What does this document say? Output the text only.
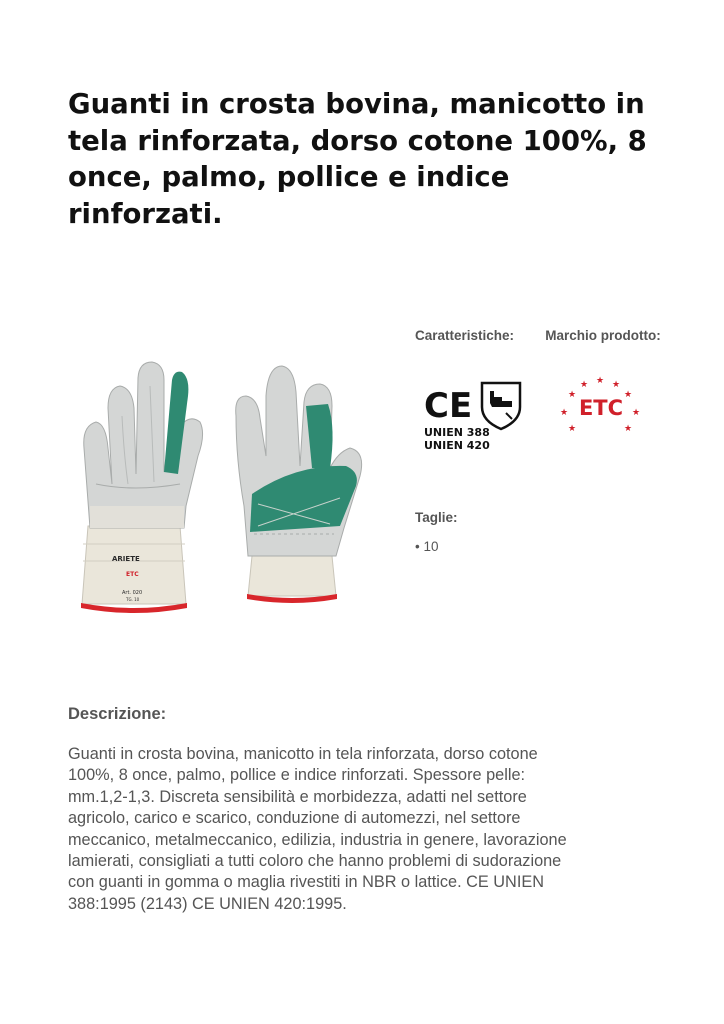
Guanti in crosta bovina, manicotto in tela rinforzata, dorso cotone 100%, 8 once, palmo, pollice e indice rinforzati.
ARIETE
ETC
Art. 020
TG. 10
Caratteristiche:	Marchio prodotto:
CE
UNIEN 388
UNIEN 420
★
★	★
★	★
★	★
★	★
ETC
Taglie:
• 10
Descrizione:

Guanti in crosta bovina, manicotto in tela rinforzata, dorso cotone 100%, 8 once, palmo, pollice e indice rinforzati. Spessore pelle: mm.1,2-1,3. Discreta sensibilità e morbidezza, adatti nel settore agricolo, carico e scarico, conduzione di automezzi, nel settore meccanico, metalmeccanico, edilizia, industria in genere, lavorazione lamierati, consigliati a tutti coloro che hanno problemi di sudorazione con guanti in gomma o maglia rivestiti in NBR o lattice. CE UNIEN 388:1995 (2143) CE UNIEN 420:1995.
